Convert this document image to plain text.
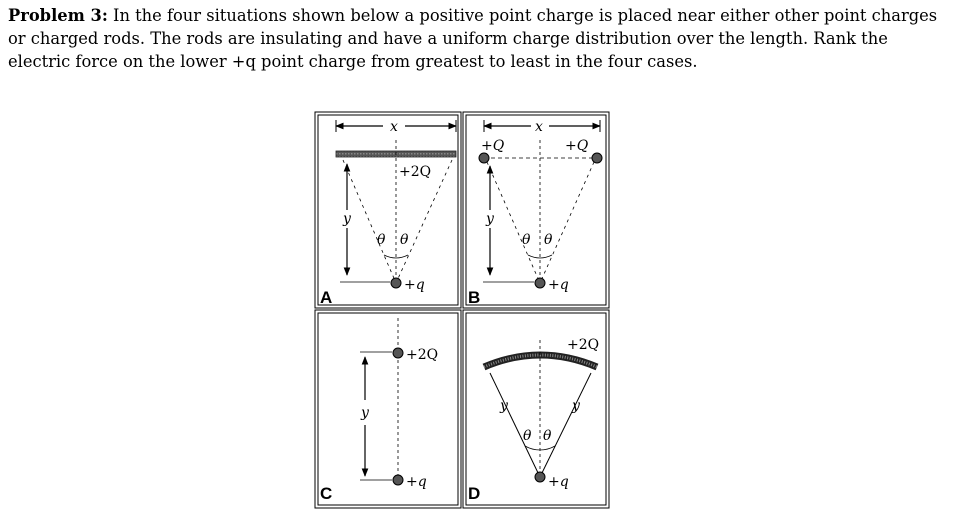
Problem 3: In the four situations shown below a positive point charge is placed near either other point charges or charged rods. The rods are insulating and have a uniform charge distribution over the length. Rank the electric force on the lower +q point charge from greatest to least in the four cases.
x
+2Q
θ θ
y
+q
A
x
+Q	+Q
θ θ
y
+q
B
+2Q
y
+q
C
+2Q
y	y
θ θ
+q
D
